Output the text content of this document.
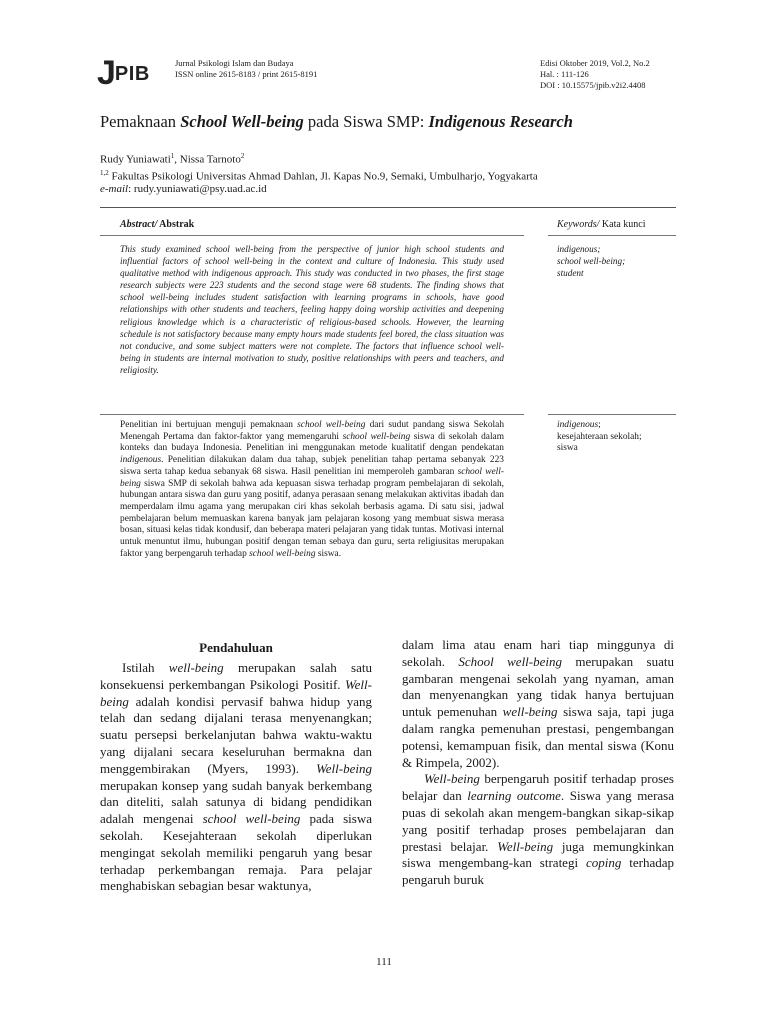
JPIB	Jurnal Psikologi Islam dan Budaya
ISSN online 2615-8183 / print 2615-8191
Edisi Oktober 2019, Vol.2, No.2
Hal. : 111-126
DOI : 10.15575/jpib.v2i2.4408
Pemaknaan School Well-being pada Siswa SMP: Indigenous Research
Rudy Yuniawati$^1$, Nissa Tarnoto$^2$
$^{1,2}$ Fakultas Psikologi Universitas Ahmad Dahlan, Jl. Kapas No.9, Semaki, Umbulharjo, Yogyakarta
e-mail: rudy.yuniawati@psy.uad.ac.id
Abstract/ Abstrak	Keywords/ Kata kunci
This study examined school well-being from the perspective of junior high school students and influential factors of school well-being in the context and culture of Indonesia. This study used qualitative method with indigenous approach. This study was conducted in two phases, the first stage research subjects were 223 students and the second stage were 68 students. The finding shows that school well-being includes student satisfaction with learning programs in schools, have good relationships with other students and teachers, feeling happy doing worship activities and deepening religious knowledge which is a characteristic of religious-based schools. However, the learning schedule is not satisfactory because many empty hours made students feel bored, the class situation was not conducive, and some subject matters were not complete. The factors that influence school well-being in students are internal motivation to study, positive relationships with peers and teachers, and religiosity.
indigenous;
school well-being;
student
Penelitian ini bertujuan menguji pemaknaan school well-being dari sudut pandang siswa Sekolah Menengah Pertama dan faktor-faktor yang memengaruhi school well-being siswa di sekolah dalam konteks dan budaya Indonesia. Penelitian ini menggunakan metode kualitatif dengan pendekatan indigenous. Penelitian dilakukan dalam dua tahap, subjek penelitian tahap pertama sebanyak 223 siswa serta tahap kedua sebanyak 68 siswa. Hasil penelitian ini memperoleh gambaran school well-being siswa SMP di sekolah bahwa ada kepuasan siswa terhadap program pembelajaran di sekolah, hubungan antara siswa dan guru yang positif, adanya perasaan senang melakukan aktivitas ibadah dan memperdalam ilmu agama yang merupakan ciri khas sekolah berbasis agama. Di satu sisi, jadwal pembelajaran belum memuaskan karena banyak jam pelajaran kosong yang membuat siswa merasa bosan, situasi kelas tidak kondusif, dan beberapa materi pelajaran yang tidak tuntas. Motivasi internal untuk menuntut ilmu, hubungan positif dengan teman sebaya dan guru, serta religiusitas merupakan faktor yang berpengaruh terhadap school well-being siswa.
indigenous;
kesejahteraan sekolah;
siswa
Pendahuluan

Istilah well-being merupakan salah satu konsekuensi perkembangan Psikologi Positif. Well-being adalah kondisi pervasif bahwa hidup yang telah dan sedang dijalani terasa menyenangkan; suatu persepsi berkelanjutan bahwa waktu-waktu yang dijalani secara keseluruhan bermakna dan menggembirakan (Myers, 1993). Well-being merupakan konsep yang sudah banyak berkembang dan diteliti, salah satunya di bidang pendidikan adalah mengenai school well-being pada siswa sekolah. Kesejahteraan sekolah diperlukan mengingat sekolah memiliki pengaruh yang besar terhadap perkembangan remaja. Para pelajar menghabiskan sebagian besar waktunya,

dalam lima atau enam hari tiap minggunya di sekolah. School well-being merupakan suatu gambaran mengenai sekolah yang nyaman, aman dan menyenangkan yang tidak hanya bertujuan untuk pemenuhan well-being siswa saja, tapi juga dalam rangka pemenuhan prestasi, pengembangan potensi, kemampuan fisik, dan mental siswa (Konu & Rimpela, 2002).

Well-being berpengaruh positif terhadap proses belajar dan learning outcome. Siswa yang merasa puas di sekolah akan mengem-bangkan sikap-sikap yang positif terhadap proses pembelajaran dan prestasi belajar. Well-being juga memungkinkan siswa mengembang-kan strategi coping terhadap pengaruh buruk

111
